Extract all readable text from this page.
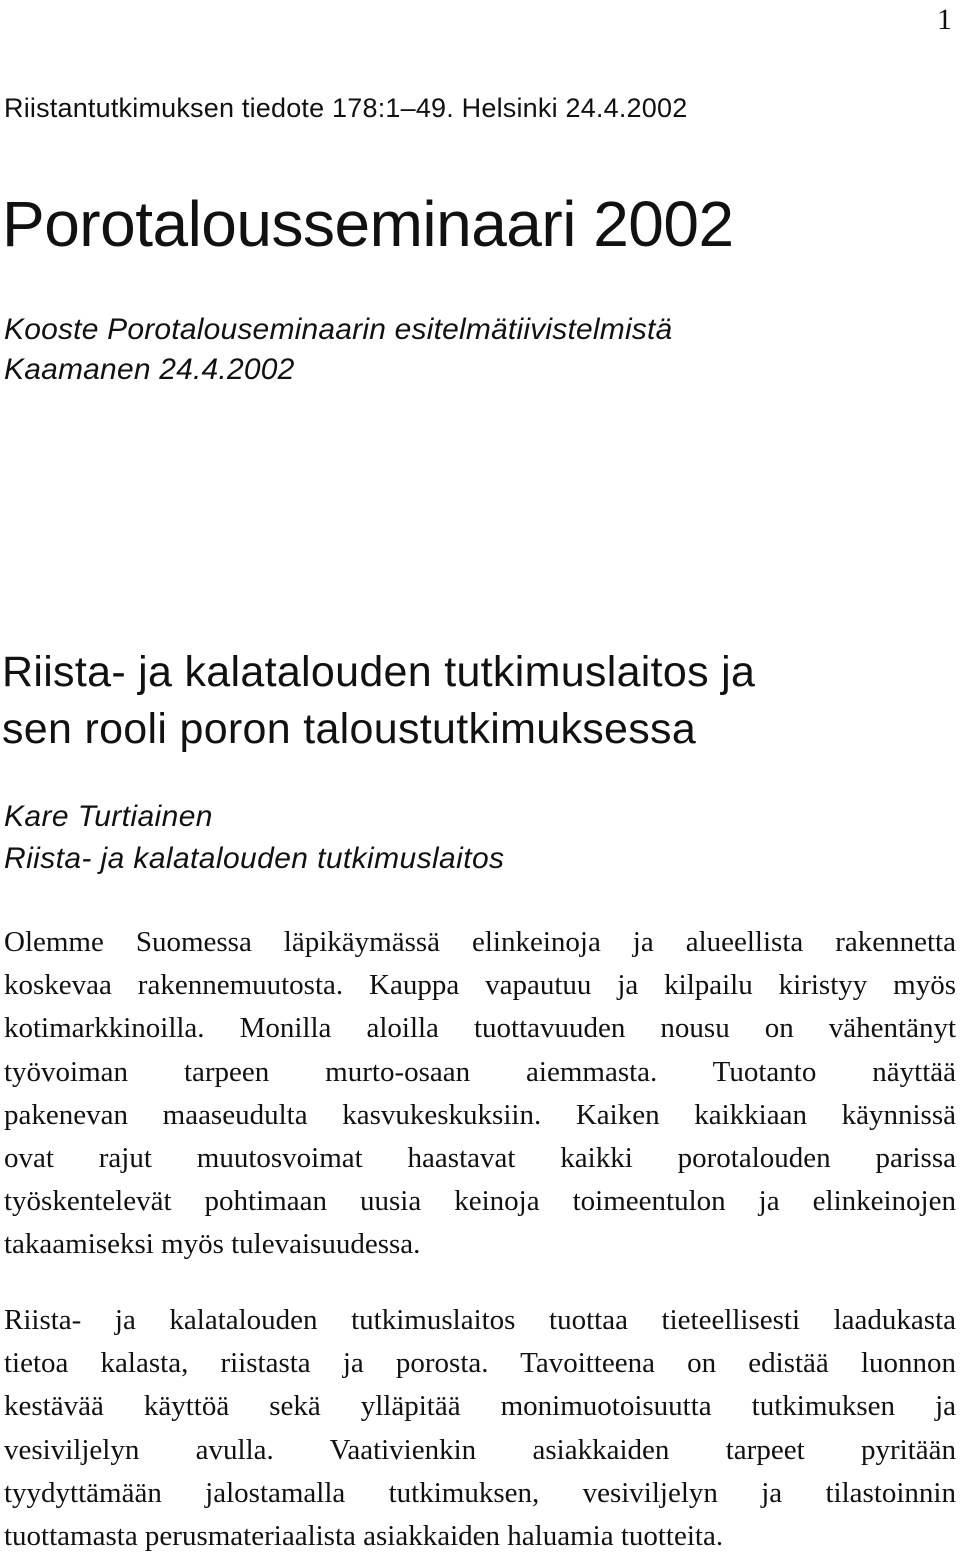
1
Riistantutkimuksen tiedote 178:1–49. Helsinki 24.4.2002
Porotalousseminaari 2002
Kooste Porotalouseminaarin esitelmätiivistelmistä
Kaamanen 24.4.2002
Riista- ja kalatalouden tutkimuslaitos ja
sen rooli poron taloustutkimuksessa
Kare Turtiainen
Riista- ja kalatalouden tutkimuslaitos
Olemme Suomessa läpikäymässä elinkeinoja ja alueellista rakennetta
koskevaa rakennemuutosta. Kauppa vapautuu ja kilpailu kiristyy myös
kotimarkkinoilla. Monilla aloilla tuottavuuden nousu on vähentänyt
työvoiman tarpeen murto-osaan aiemmasta. Tuotanto näyttää
pakenevan maaseudulta kasvukeskuksiin. Kaiken kaikkiaan käynnissä
ovat rajut muutosvoimat haastavat kaikki porotalouden parissa
työskentelevät pohtimaan uusia keinoja toimeentulon ja elinkeinojen
takaamiseksi myös tulevaisuudessa.
Riista- ja kalatalouden tutkimuslaitos tuottaa tieteellisesti laadukasta
tietoa kalasta, riistasta ja porosta. Tavoitteena on edistää luonnon
kestävää käyttöä sekä ylläpitää monimuotoisuutta tutkimuksen ja
vesiviljelyn avulla. Vaativienkin asiakkaiden tarpeet pyritään
tyydyttämään jalostamalla tutkimuksen, vesiviljelyn ja tilastoinnin
tuottamasta perusmateriaalista asiakkaiden haluamia tuotteita.
